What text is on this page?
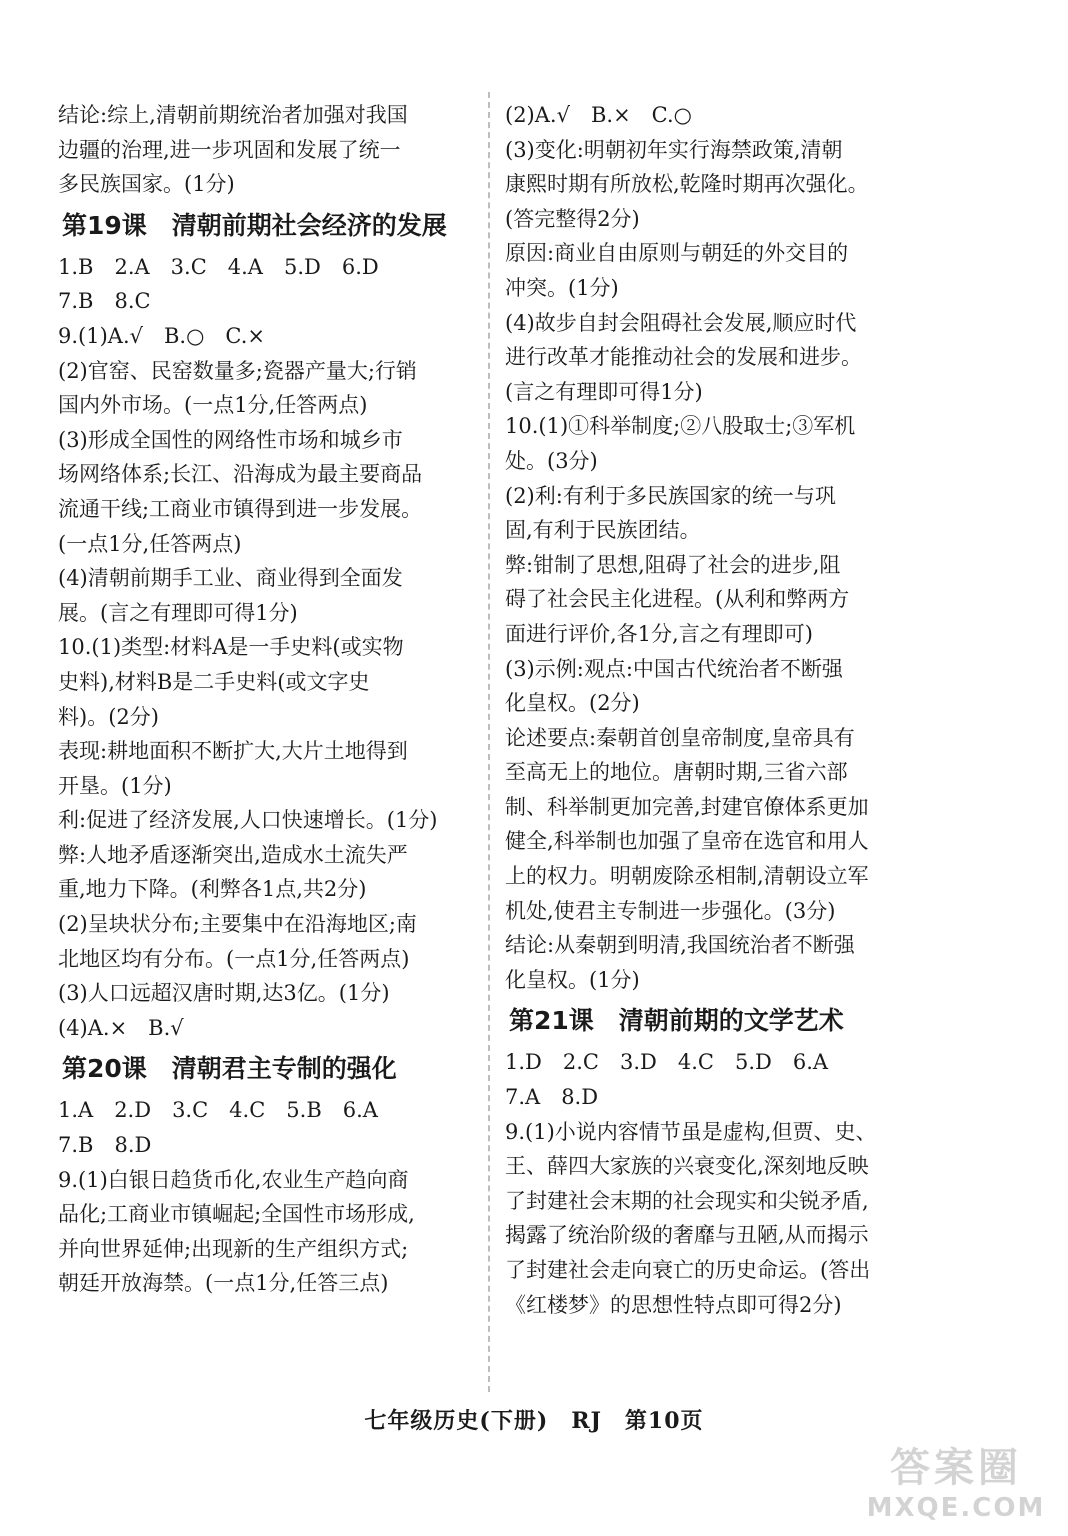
结论:综上,清朝前期统治者加强对我国
边疆的治理,进一步巩固和发展了统一
多民族国家。(1分)
第19课　清朝前期社会经济的发展
1.B　2.A　3.C　4.A　5.D　6.D
7.B　8.C
9.(1)A.√　B.○　C.×
(2)官窑、民窑数量多;瓷器产量大;行销
国内外市场。(一点1分,任答两点)
(3)形成全国性的网络性市场和城乡市
场网络体系;长江、沿海成为最主要商品
流通干线;工商业市镇得到进一步发展。
(一点1分,任答两点)
(4)清朝前期手工业、商业得到全面发
展。(言之有理即可得1分)
10.(1)类型:材料A是一手史料(或实物
史料),材料B是二手史料(或文字史
料)。(2分)
表现:耕地面积不断扩大,大片土地得到
开垦。(1分)
利:促进了经济发展,人口快速增长。(1分)
弊:人地矛盾逐渐突出,造成水土流失严
重,地力下降。(利弊各1点,共2分)
(2)呈块状分布;主要集中在沿海地区;南
北地区均有分布。(一点1分,任答两点)
(3)人口远超汉唐时期,达3亿。(1分)
(4)A.×　B.√
第20课　清朝君主专制的强化
1.A　2.D　3.C　4.C　5.B　6.A
7.B　8.D
9.(1)白银日趋货币化,农业生产趋向商
品化;工商业市镇崛起;全国性市场形成,
并向世界延伸;出现新的生产组织方式;
朝廷开放海禁。(一点1分,任答三点)
(2)A.√　B.×　C.○
(3)变化:明朝初年实行海禁政策,清朝
康熙时期有所放松,乾隆时期再次强化。
(答完整得2分)
原因:商业自由原则与朝廷的外交目的
冲突。(1分)
(4)故步自封会阻碍社会发展,顺应时代
进行改革才能推动社会的发展和进步。
(言之有理即可得1分)
10.(1)①科举制度;②八股取士;③军机
处。(3分)
(2)利:有利于多民族国家的统一与巩
固,有利于民族团结。
弊:钳制了思想,阻碍了社会的进步,阻
碍了社会民主化进程。(从利和弊两方
面进行评价,各1分,言之有理即可)
(3)示例:观点:中国古代统治者不断强
化皇权。(2分)
论述要点:秦朝首创皇帝制度,皇帝具有
至高无上的地位。唐朝时期,三省六部
制、科举制更加完善,封建官僚体系更加
健全,科举制也加强了皇帝在选官和用人
上的权力。明朝废除丞相制,清朝设立军
机处,使君主专制进一步强化。(3分)
结论:从秦朝到明清,我国统治者不断强
化皇权。(1分)
第21课　清朝前期的文学艺术
1.D　2.C　3.D　4.C　5.D　6.A
7.A　8.D
9.(1)小说内容情节虽是虚构,但贾、史、
王、薛四大家族的兴衰变化,深刻地反映
了封建社会末期的社会现实和尖锐矛盾,
揭露了统治阶级的奢靡与丑陋,从而揭示
了封建社会走向衰亡的历史命运。(答出
《红楼梦》的思想性特点即可得2分)
七年级历史(下册)　RJ　第10页
答案圈
MXQE.COM
